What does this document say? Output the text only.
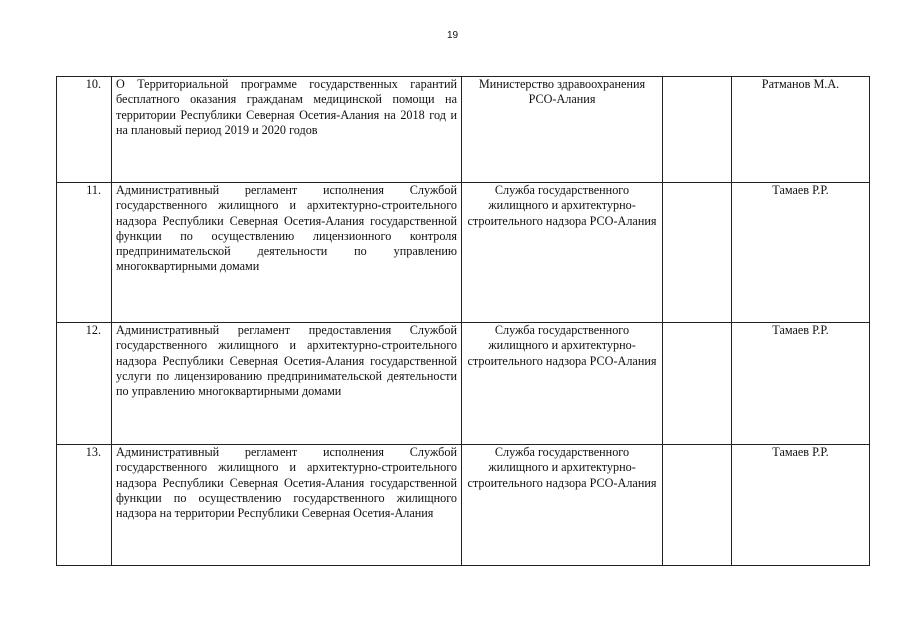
19
10.	О Территориальной программе государственных гарантий бесплатного оказания гражданам медицинской помощи на территории Республики Северная Осетия-Алания на 2018 год и на плановый период 2019 и 2020 годов	Министерство здравоохранения РСО-Алания		Ратманов М.А.
11.	Административный регламент исполнения Службой государственного жилищного и архитектурно-строительного надзора Республики Северная Осетия-Алания государственной функции по осуществлению лицензионного контроля предпринимательской деятельности по управлению многоквартирными домами	Служба государственного жилищного и архитектурно-строительного надзора РСО-Алания		Тамаев Р.Р.
12.	Административный регламент предоставления Службой государственного жилищного и архитектурно-строительного надзора Республики Северная Осетия-Алания государственной услуги по лицензированию предпринимательской деятельности по управлению многоквартирными домами	Служба государственного жилищного и архитектурно-строительного надзора РСО-Алания		Тамаев Р.Р.
13.	Административный регламент исполнения Службой государственного жилищного и архитектурно-строительного надзора Республики Северная Осетия-Алания государственной функции по осуществлению государственного жилищного надзора на территории Республики Северная Осетия-Алания	Служба государственного жилищного и архитектурно-строительного надзора РСО-Алания		Тамаев Р.Р.
